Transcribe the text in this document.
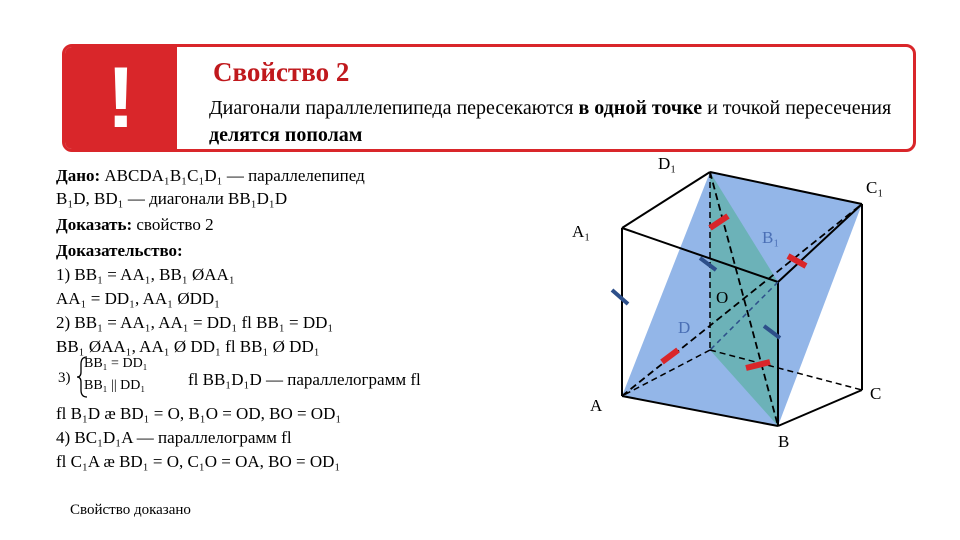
!	Свойство 2
Диагонали параллелепипеда пересекаются в одной точке и точкой пересечения делятся пополам
Дано: ABCDA₁B₁C₁D₁ — параллелепипед
B₁D, BD₁ — диагонали BB₁D₁D
Доказать: свойство 2
Доказательство:
1) BB₁ = AA₁, BB₁ ØAA₁
AA₁ = DD₁, AA₁ ØDD₁
2) BB₁ = AA₁, AA₁ = DD₁ fl BB₁ = DD₁
BB₁ ØAA₁, AA₁ Ø DD₁ fl BB₁ Ø DD₁
3)
BB₁ = DD₁
BB₁ || DD₁	fl BB₁D₁D — параллелограмм fl
fl B₁D æ BD₁ = O, B₁O = OD, BO = OD₁
4) BC₁D₁A — параллелограмм fl
fl C₁A æ BD₁ = O, C₁O = OA, BO = OD₁
Свойство доказано
D₁
C₁
A₁	B₁
O
D
C
A
B
